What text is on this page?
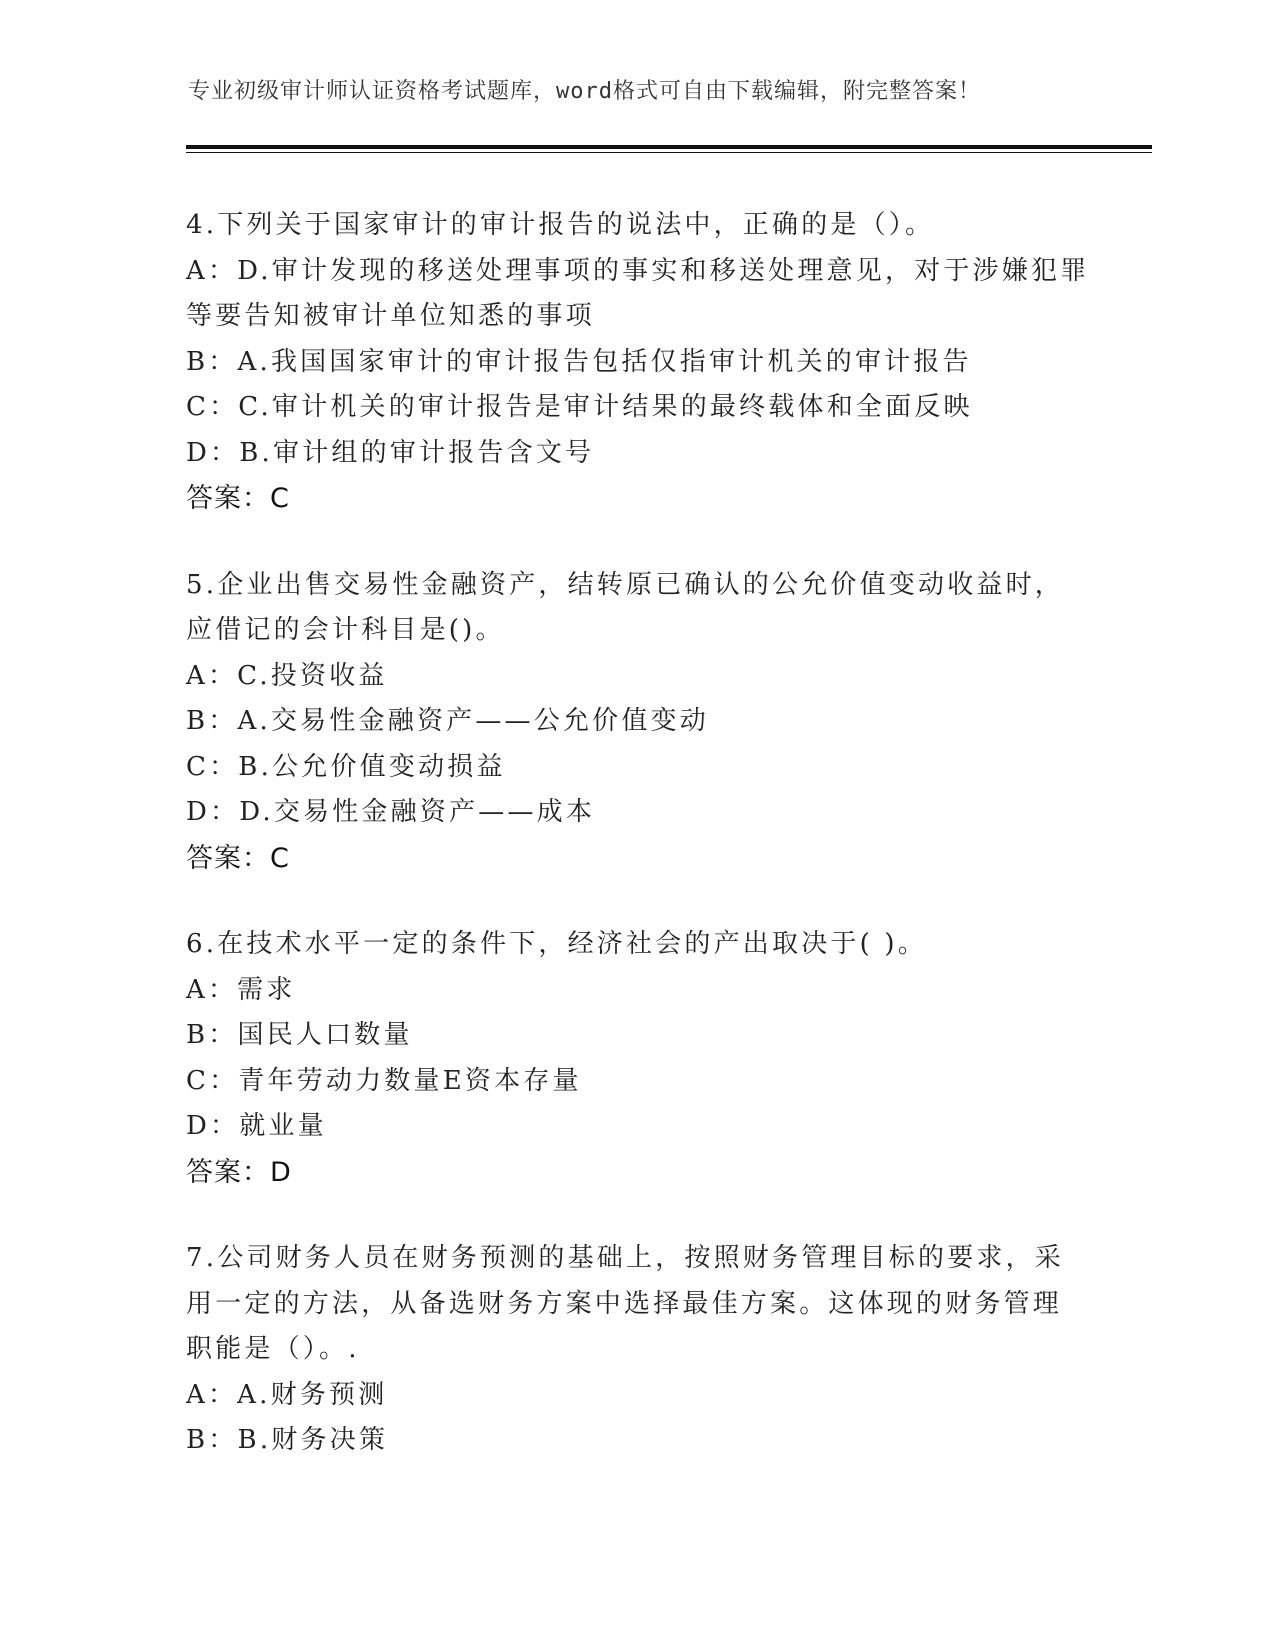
专业初级审计师认证资格考试题库，word格式可自由下载编辑，附完整答案！
4.下列关于国家审计的审计报告的说法中，正确的是（）。
A：D.审计发现的移送处理事项的事实和移送处理意见，对于涉嫌犯罪
等要告知被审计单位知悉的事项
B：A.我国国家审计的审计报告包括仅指审计机关的审计报告
C：C.审计机关的审计报告是审计结果的最终载体和全面反映
D：B.审计组的审计报告含文号
答案：C
5.企业出售交易性金融资产，结转原已确认的公允价值变动收益时，
应借记的会计科目是()。
A：C.投资收益
B：A.交易性金融资产——公允价值变动
C：B.公允价值变动损益
D：D.交易性金融资产——成本
答案：C
6.在技术水平一定的条件下，经济社会的产出取决于( )。
A：需求
B：国民人口数量
C：青年劳动力数量E资本存量
D：就业量
答案：D
7.公司财务人员在财务预测的基础上，按照财务管理目标的要求，采
用一定的方法，从备选财务方案中选择最佳方案。这体现的财务管理
职能是（）。.
A：A.财务预测
B：B.财务决策
